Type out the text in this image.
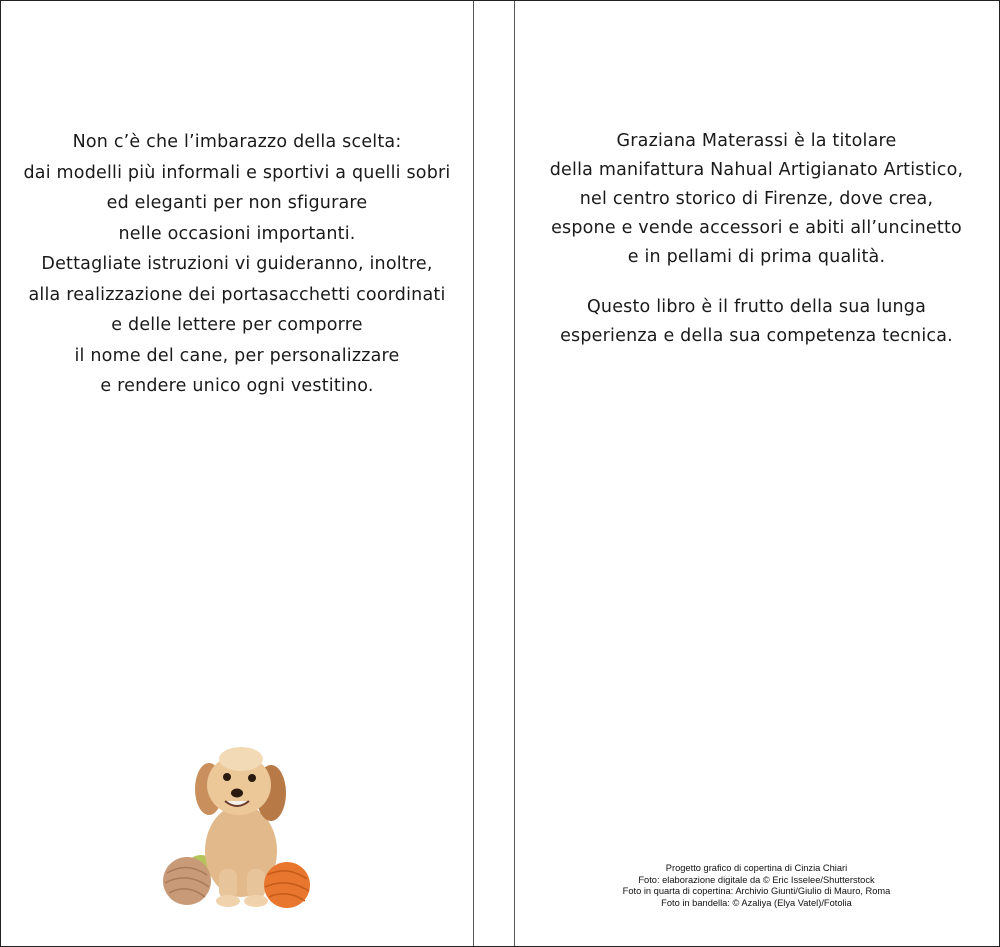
Non c’è che l’imbarazzo della scelta:
dai modelli più informali e sportivi a quelli sobri
ed eleganti per non sfigurare
nelle occasioni importanti.
Dettagliate istruzioni vi guideranno, inoltre,
alla realizzazione dei portasacchetti coordinati
e delle lettere per comporre
il nome del cane, per personalizzare
e rendere unico ogni vestitino.
Graziana Materassi è la titolare
della manifattura Nahual Artigianato Artistico,
nel centro storico di Firenze, dove crea,
espone e vende accessori e abiti all’uncinetto
e in pellami di prima qualità.
Questo libro è il frutto della sua lunga
esperienza e della sua competenza tecnica.
Progetto grafico di copertina di Cinzia Chiari
Foto: elaborazione digitale da © Eric Isselee/Shutterstock
Foto in quarta di copertina: Archivio Giunti/Giulio di Mauro, Roma
Foto in bandella: © Azaliya (Elya Vatel)/Fotolia
